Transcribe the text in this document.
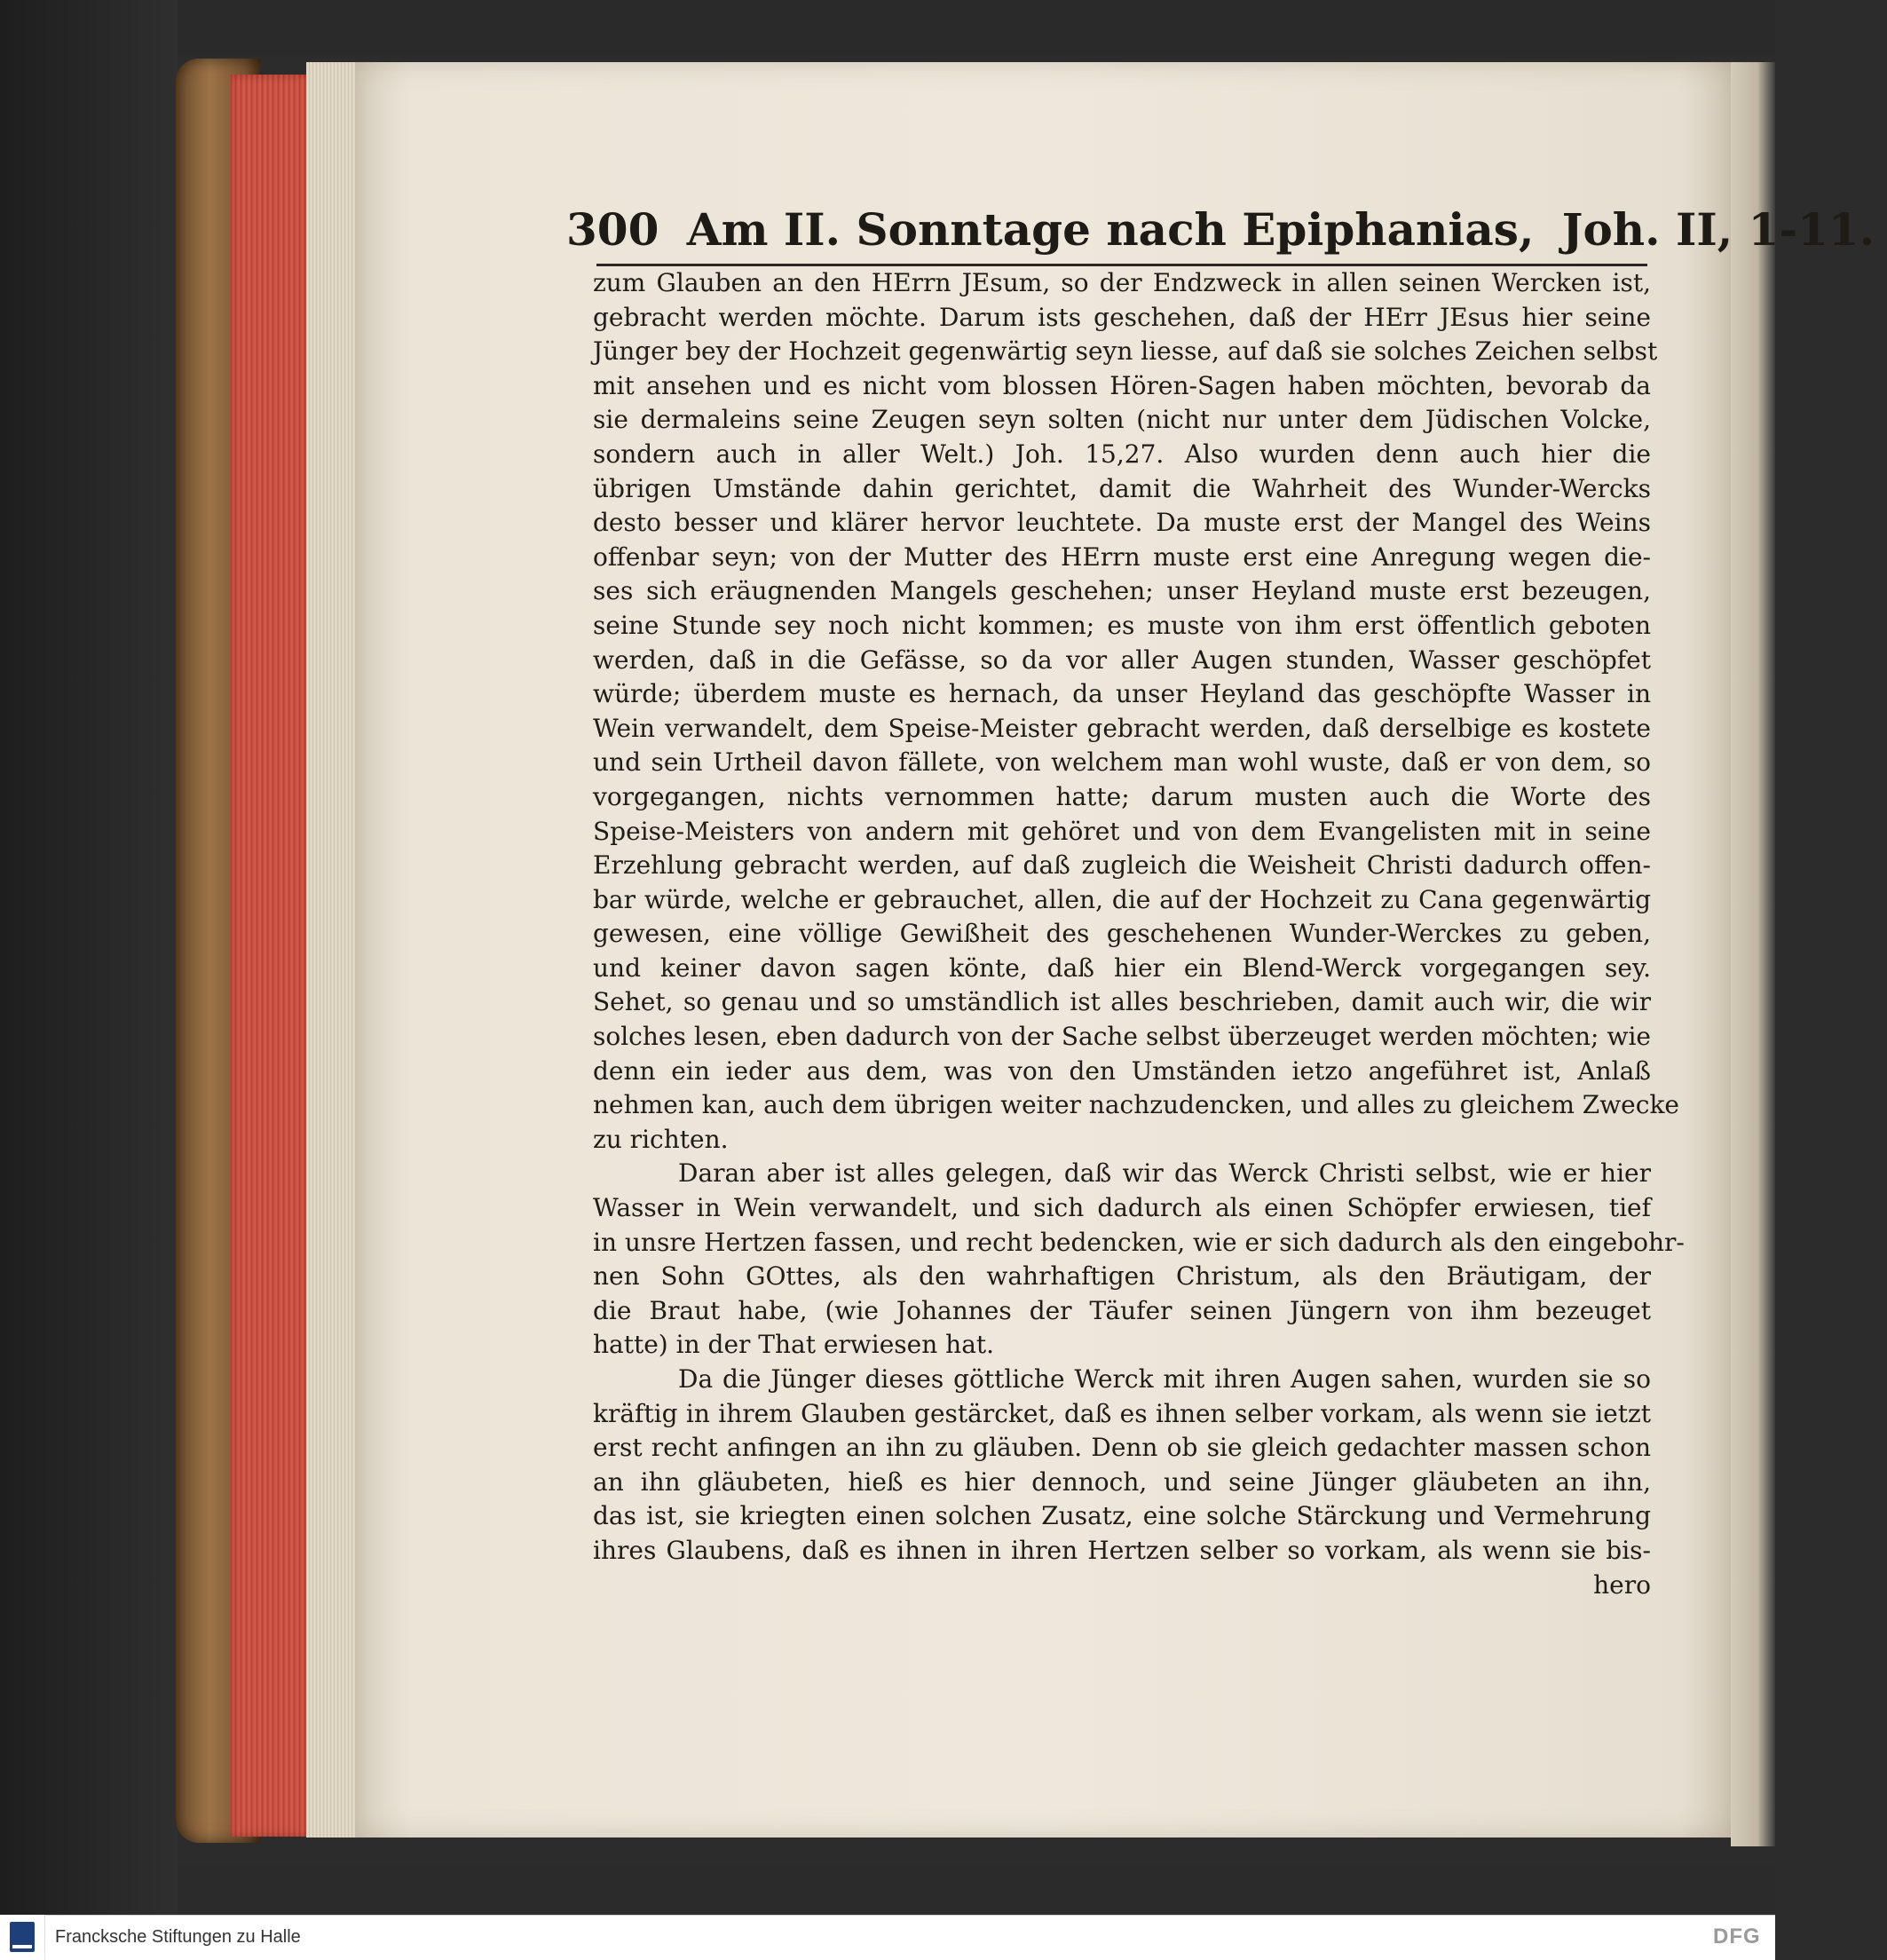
300 Am II. Sonntage nach Epiphanias, Joh. II, 1-11.
zum Glauben an den HErrn JEsum, so der Endzweck in allen seinen Wercken ist,
gebracht werden möchte. Darum ists geschehen, daß der HErr JEsus hier seine
Jünger bey der Hochzeit gegenwärtig seyn liesse, auf daß sie solches Zeichen selbst
mit ansehen und es nicht vom blossen Hören-Sagen haben möchten, bevorab da
sie dermaleins seine Zeugen seyn solten (nicht nur unter dem Jüdischen Volcke,
sondern auch in aller Welt.) Joh. 15,27. Also wurden denn auch hier die
übrigen Umstände dahin gerichtet, damit die Wahrheit des Wunder-Wercks
desto besser und klärer hervor leuchtete. Da muste erst der Mangel des Weins
offenbar seyn; von der Mutter des HErrn muste erst eine Anregung wegen die-
ses sich eräugnenden Mangels geschehen; unser Heyland muste erst bezeugen,
seine Stunde sey noch nicht kommen; es muste von ihm erst öffentlich geboten
werden, daß in die Gefässe, so da vor aller Augen stunden, Wasser geschöpfet
würde; überdem muste es hernach, da unser Heyland das geschöpfte Wasser in
Wein verwandelt, dem Speise-Meister gebracht werden, daß derselbige es kostete
und sein Urtheil davon fällete, von welchem man wohl wuste, daß er von dem, so
vorgegangen, nichts vernommen hatte; darum musten auch die Worte des
Speise-Meisters von andern mit gehöret und von dem Evangelisten mit in seine
Erzehlung gebracht werden, auf daß zugleich die Weisheit Christi dadurch offen-
bar würde, welche er gebrauchet, allen, die auf der Hochzeit zu Cana gegenwärtig
gewesen, eine völlige Gewißheit des geschehenen Wunder-Werckes zu geben,
und keiner davon sagen könte, daß hier ein Blend-Werck vorgegangen sey.
Sehet, so genau und so umständlich ist alles beschrieben, damit auch wir, die wir
solches lesen, eben dadurch von der Sache selbst überzeuget werden möchten; wie
denn ein ieder aus dem, was von den Umständen ietzo angeführet ist, Anlaß
nehmen kan, auch dem übrigen weiter nachzudencken, und alles zu gleichem Zwecke
zu richten.
Daran aber ist alles gelegen, daß wir das Werck Christi selbst, wie er hier
Wasser in Wein verwandelt, und sich dadurch als einen Schöpfer erwiesen, tief
in unsre Hertzen fassen, und recht bedencken, wie er sich dadurch als den eingebohr-
nen Sohn GOttes, als den wahrhaftigen Christum, als den Bräutigam, der
die Braut habe, (wie Johannes der Täufer seinen Jüngern von ihm bezeuget
hatte) in der That erwiesen hat.
Da die Jünger dieses göttliche Werck mit ihren Augen sahen, wurden sie so
kräftig in ihrem Glauben gestärcket, daß es ihnen selber vorkam, als wenn sie ietzt
erst recht anfingen an ihn zu gläuben. Denn ob sie gleich gedachter massen schon
an ihn gläubeten, hieß es hier dennoch, und seine Jünger gläubeten an ihn,
das ist, sie kriegten einen solchen Zusatz, eine solche Stärckung und Vermehrung
ihres Glaubens, daß es ihnen in ihren Hertzen selber so vorkam, als wenn sie bis-
hero
Francksche Stiftungen zu Halle	DFG
